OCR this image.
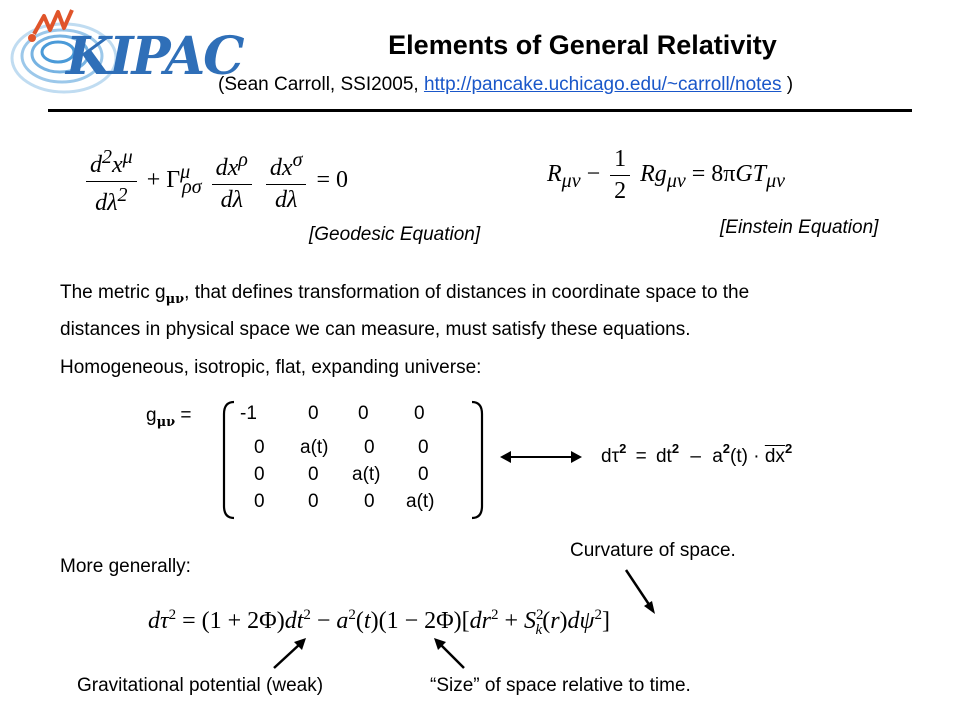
KIPAC	Elements of General Relativity
(Sean Carroll, SSI2005, http://pancake.uchicago.edu/~carroll/notes )
$\frac{d^2x^\mu}{d\lambda^2} + \Gamma^\mu_{\rho\sigma} \frac{dx^\rho}{d\lambda}$
$\frac{dx^\sigma}{d\lambda} = 0$
[Geodesic Equation]
$R_{\mu\nu} - \frac{1}{2} Rg_{\mu\nu} = 8\pi GT_{\mu\nu}$
[Einstein Equation]
The metric $g_{\mu\nu}$, that defines transformation of distances in coordinate space to the
distances in physical space we can measure, must satisfy these equations.
Homogeneous, isotropic, flat, expanding universe:
$g_{\mu\nu}$ =	-1	0 0 0
0 a(t) 0 0
0 0 a(t) 0
0 0 0 a(t)
$d\tau^2 = dt^2 - a^2(t) \cdot \overline{dx}^2$
More generally:
Curvature of space.
$d\tau^2 = (1 + 2\Phi)dt^2 - a^2(t)(1 - 2\Phi)[dr^2 + S^2_k(r)d\psi^2]$
Gravitational potential (weak)	“Size” of space relative to time.
